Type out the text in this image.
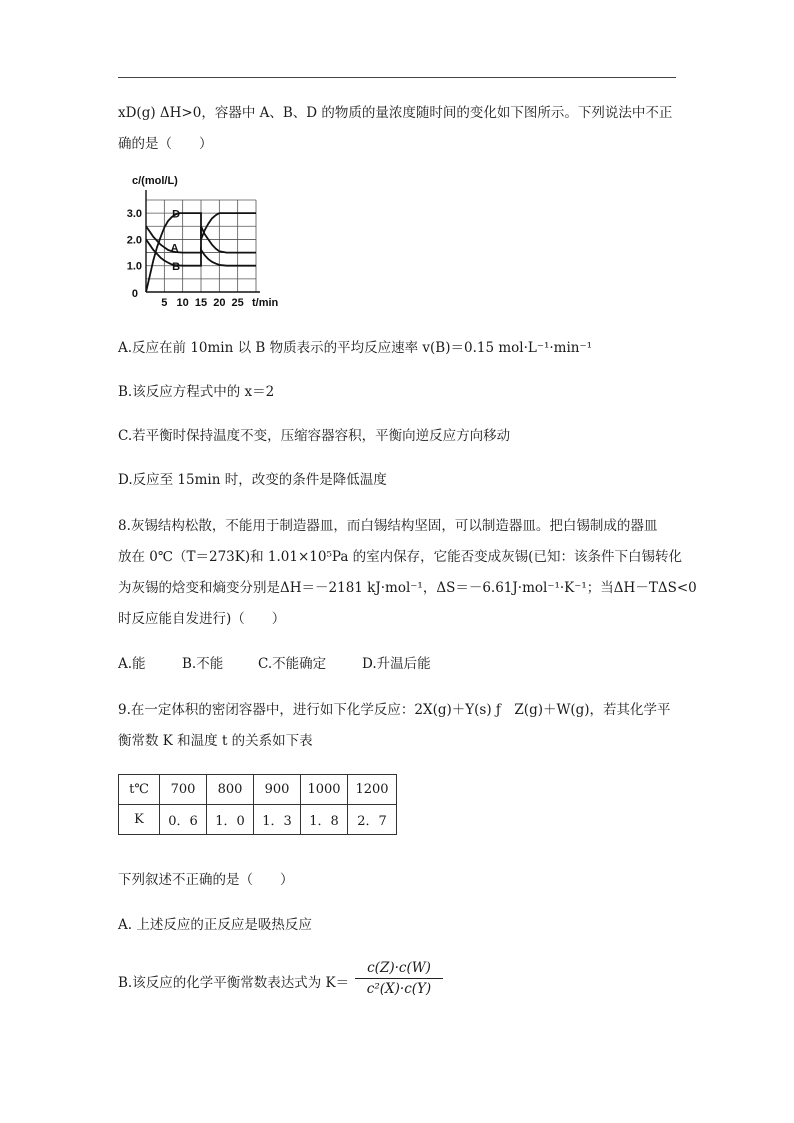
xD(g) ΔH>0，容器中 A、B、D 的物质的量浓度随时间的变化如下图所示。下列说法中不正
确的是（　　）
D
A
B
3.0
2.0
1.0
0
5 10 15 20 25 t/min
c/(mol/L)
A.反应在前 10min 以 B 物质表示的平均反应速率 v(B)＝0.15 mol·L⁻¹·min⁻¹
B.该反应方程式中的 x＝2
C.若平衡时保持温度不变，压缩容器容积，平衡向逆反应方向移动
D.反应至 15min 时，改变的条件是降低温度
8.灰锡结构松散，不能用于制造器皿，而白锡结构坚固，可以制造器皿。把白锡制成的器皿
放在 0℃（T＝273K)和 1.01×10⁵Pa 的室内保存，它能否变成灰锡(已知：该条件下白锡转化
为灰锡的焓变和熵变分别是ΔH＝－2181 kJ·mol⁻¹，ΔS＝－6.61J·mol⁻¹·K⁻¹；当ΔH－TΔS<0
时反应能自发进行)（　　）
A.能	B.不能	C.不能确定	D.升温后能
9.在一定体积的密闭容器中，进行如下化学反应：2X(g)＋Y(s) ƒ　Z(g)＋W(g)，若其化学平
衡常数 K 和温度 t 的关系如下表
t℃	700	800	900	1000	1200
K	0．6	1．0	1．3	1．8	2．7
下列叙述不正确的是（　　）
A. 上述反应的正反应是吸热反应
B.该反应的化学平衡常数表达式为 $K= \frac{c(Z)\cdot c(W)}{\text{c²(X)·c(Y)}}$
